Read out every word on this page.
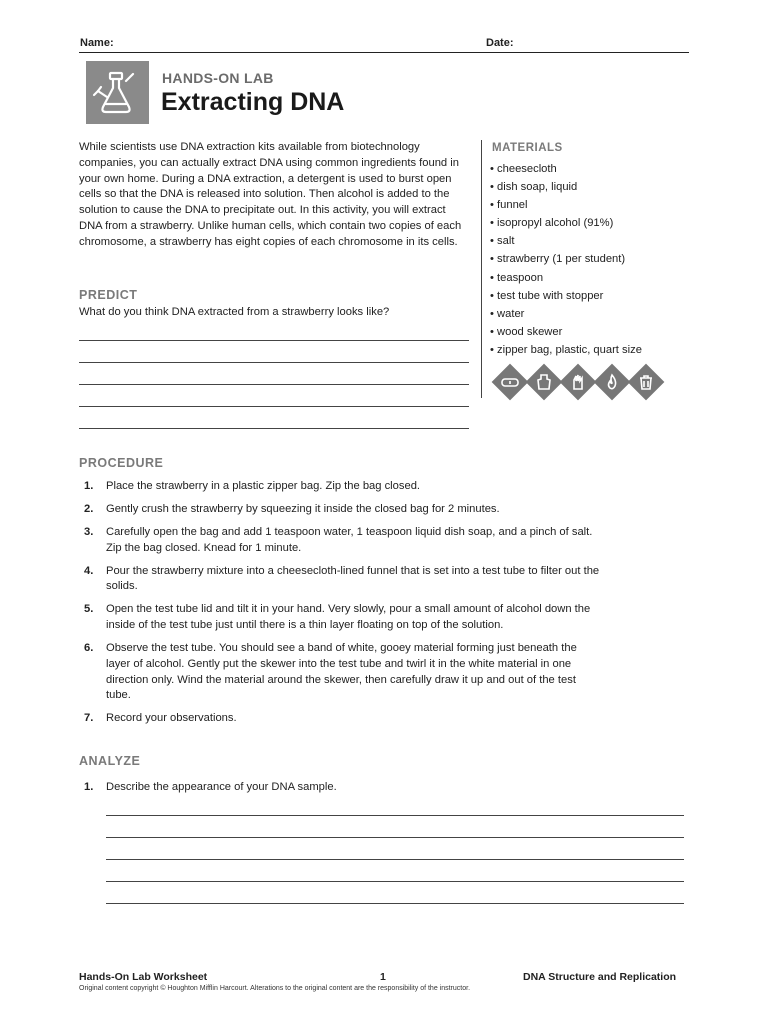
Name:	Date:
HANDS-ON LAB
Extracting DNA
While scientists use DNA extraction kits available from biotechnology companies, you can actually extract DNA using common ingredients found in your own home. During a DNA extraction, a detergent is used to burst open cells so that the DNA is released into solution. Then alcohol is added to the solution to cause the DNA to precipitate out. In this activity, you will extract DNA from a strawberry. Unlike human cells, which contain two copies of each chromosome, a strawberry has eight copies of each chromosome in its cells.
PREDICT
What do you think DNA extracted from a strawberry looks like?
MATERIALS
• cheesecloth
• dish soap, liquid
• funnel
• isopropyl alcohol (91%)
• salt
• strawberry (1 per student)
• teaspoon
• test tube with stopper
• water
• wood skewer
• zipper bag, plastic, quart size
PROCEDURE
1. Place the strawberry in a plastic zipper bag. Zip the bag closed.
2. Gently crush the strawberry by squeezing it inside the closed bag for 2 minutes.
3. Carefully open the bag and add 1 teaspoon water, 1 teaspoon liquid dish soap, and a pinch of salt. Zip the bag closed. Knead for 1 minute.
4. Pour the strawberry mixture into a cheesecloth-lined funnel that is set into a test tube to filter out the solids.
5. Open the test tube lid and tilt it in your hand. Very slowly, pour a small amount of alcohol down the inside of the test tube just until there is a thin layer floating on top of the solution.
6. Observe the test tube. You should see a band of white, gooey material forming just beneath the layer of alcohol. Gently put the skewer into the test tube and twirl it in the white material in one direction only. Wind the material around the skewer, then carefully draw it up and out of the test tube.
7. Record your observations.
ANALYZE
1. Describe the appearance of your DNA sample.
Hands-On Lab Worksheet	1	DNA Structure and Replication
Original content copyright © Houghton Mifflin Harcourt. Alterations to the original content are the responsibility of the instructor.
